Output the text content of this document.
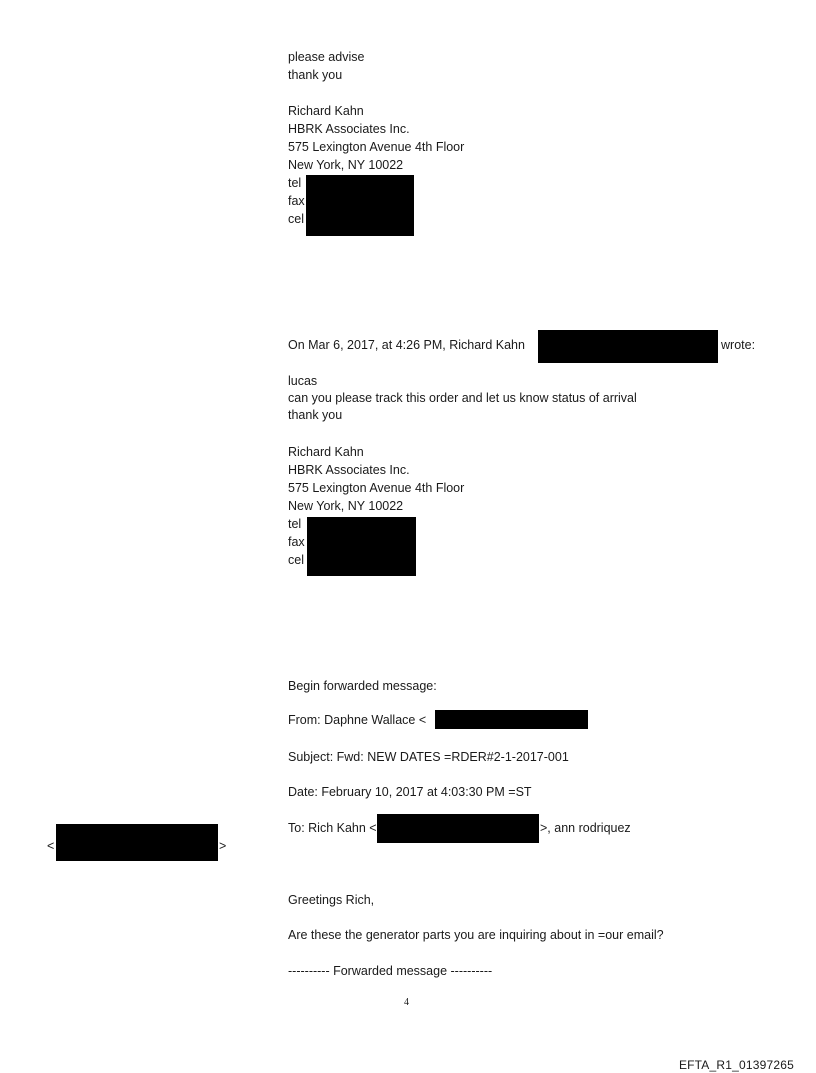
please advise
thank you
Richard Kahn
HBRK Associates Inc.
575 Lexington Avenue 4th Floor
New York, NY 10022
tel
fax
cel
On Mar 6, 2017, at 4:26 PM, Richard Kahn	wrote:
lucas
can you please track this order and let us know status of arrival
thank you
Richard Kahn
HBRK Associates Inc.
575 Lexington Avenue 4th Floor
New York, NY 10022
tel
fax
cel
Begin forwarded message:
From: Daphne Wallace <
Subject: Fwd: NEW DATES =RDER#2-1-2017-001
Date: February 10, 2017 at 4:03:30 PM =ST
To: Rich Kahn <	>, ann rodriquez
<	>
Greetings Rich,
Are these the generator parts you are inquiring about in =our email?
---------- Forwarded message ----------
4
EFTA_R1_01397265
